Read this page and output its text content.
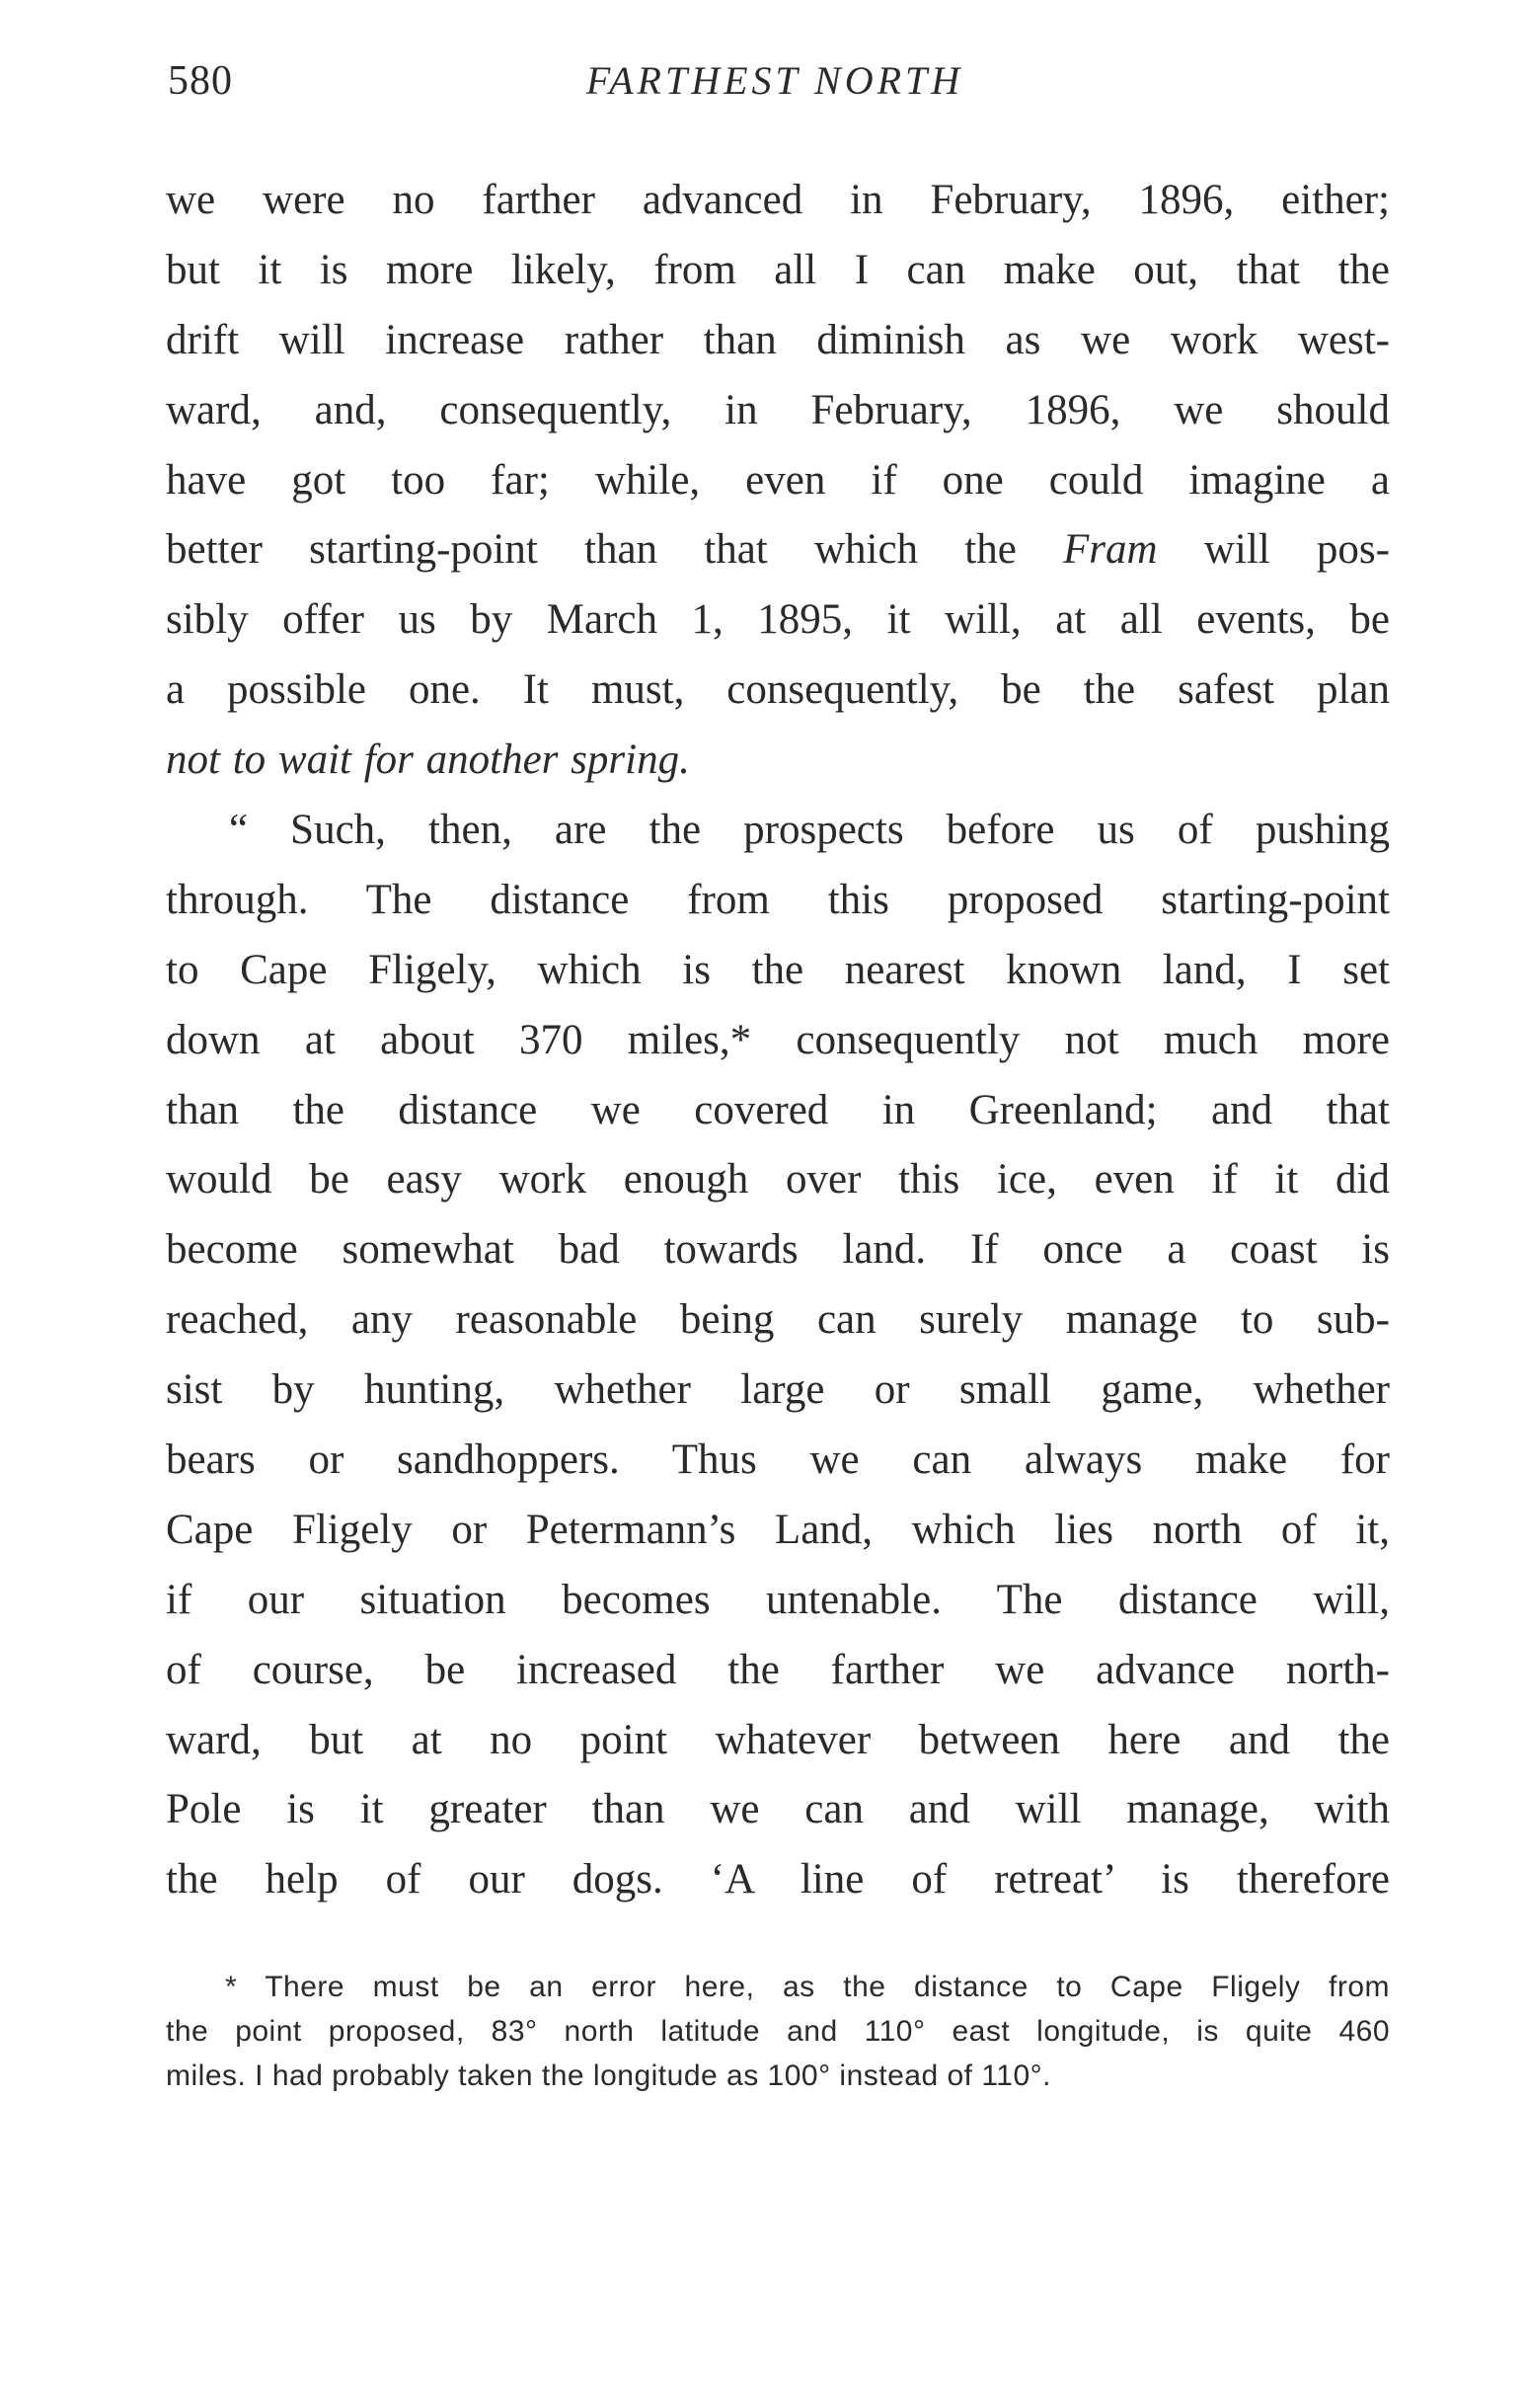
580	FARTHEST NORTH
we were no farther advanced in February, 1896, either;
but it is more likely, from all I can make out, that the
drift will increase rather than diminish as we work west-
ward, and, consequently, in February, 1896, we should
have got too far; while, even if one could imagine a
better starting-point than that which the Fram will pos-
sibly offer us by March 1, 1895, it will, at all events, be
a possible one. It must, consequently, be the safest plan
not to wait for another spring.
“ Such, then, are the prospects before us of pushing
through. The distance from this proposed starting-point
to Cape Fligely, which is the nearest known land, I set
down at about 370 miles,* consequently not much more
than the distance we covered in Greenland; and that
would be easy work enough over this ice, even if it did
become somewhat bad towards land. If once a coast is
reached, any reasonable being can surely manage to sub-
sist by hunting, whether large or small game, whether
bears or sandhoppers. Thus we can always make for
Cape Fligely or Petermann’s Land, which lies north of it,
if our situation becomes untenable. The distance will,
of course, be increased the farther we advance north-
ward, but at no point whatever between here and the
Pole is it greater than we can and will manage, with
the help of our dogs. ‘A line of retreat’ is therefore
* There must be an error here, as the distance to Cape Fligely from
the point proposed, 83° north latitude and 110° east longitude, is quite 460
miles. I had probably taken the longitude as 100° instead of 110°.
